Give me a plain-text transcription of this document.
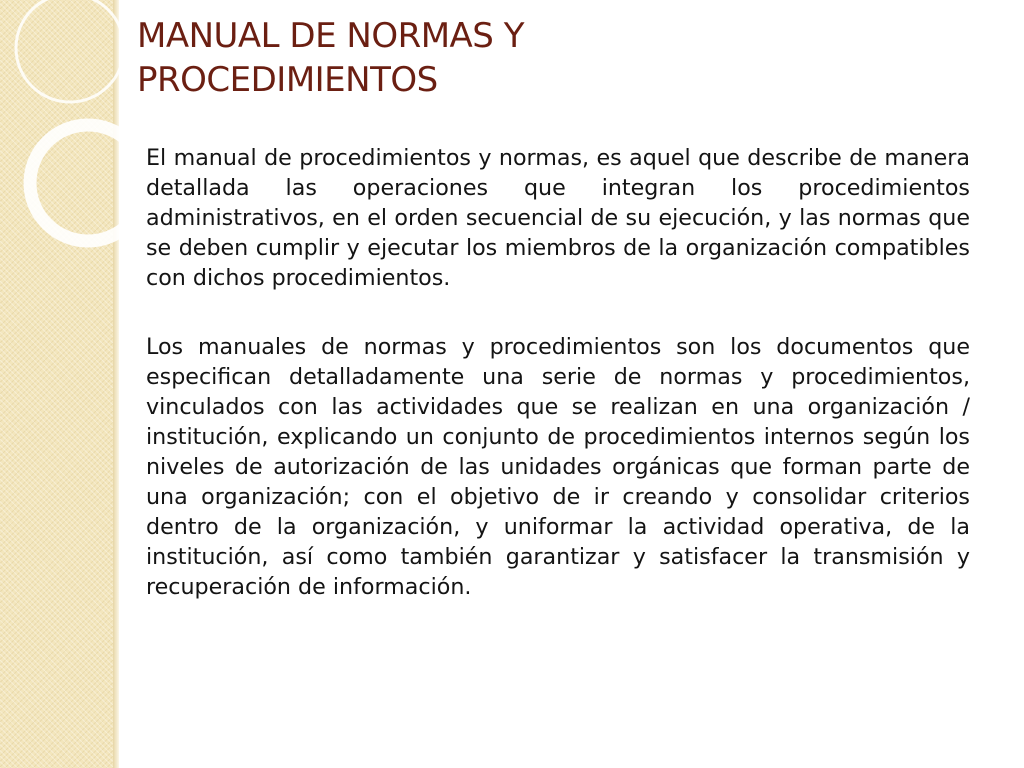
MANUAL DE NORMAS Y
PROCEDIMIENTOS

El manual de procedimientos y normas, es aquel que describe de manera detallada las operaciones que integran los procedimientos administrativos, en el orden secuencial de su ejecución, y las normas que se deben cumplir y ejecutar los miembros de la organización compatibles con dichos procedimientos.

Los manuales de normas y procedimientos son los documentos que especifican detalladamente una serie de normas y procedimientos, vinculados con las actividades que se realizan en una organización / institución, explicando un conjunto de procedimientos internos según los niveles de autorización de las unidades orgánicas que forman parte de una organización; con el objetivo de ir creando y consolidar criterios dentro de la organización, y uniformar la actividad operativa, de la institución, así como también garantizar y satisfacer la transmisión y recuperación de información.
